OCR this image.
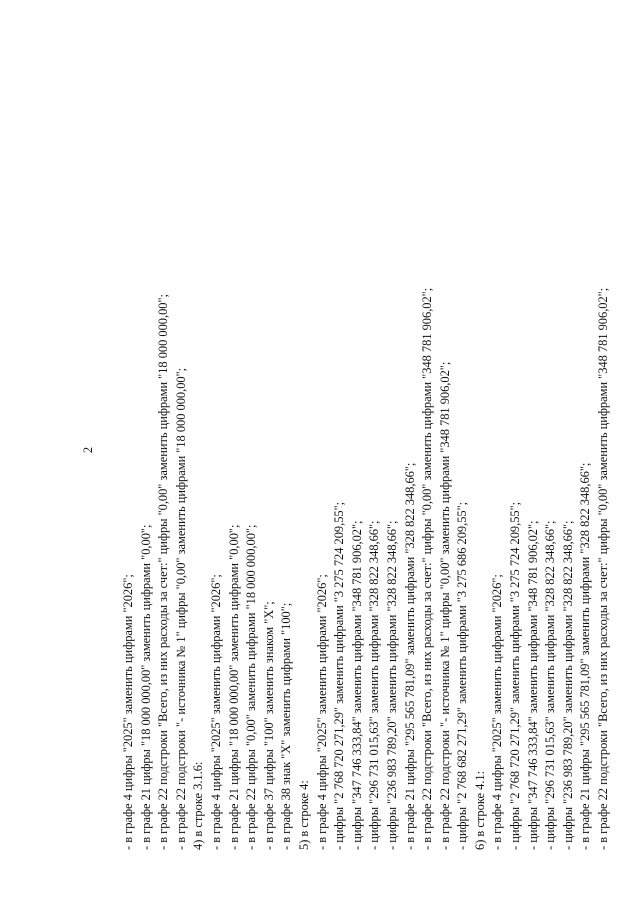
2
- в графе 4 цифры "2025" заменить цифрами "2026"; - в графе 21 цифры "18 000 000,00" заменить цифрами "0,00"; - в графе 22 подстроки "Всего, из них расходы за счет:" цифры "0,00" заменить цифрами "18 000 000,00"; - в графе 22 подстроки "- источника № 1" цифры "0,00" заменить цифрами "18 000 000,00"; 4) в строке 3.1.6: - в графе 4 цифры "2025" заменить цифрами "2026"; - в графе 21 цифры "18 000 000,00" заменить цифрами "0,00"; - в графе 22 цифры "0,00" заменить цифрами "18 000 000,00"; - в графе 37 цифры "100" заменить знаком "X"; - в графе 38 знак "X" заменить цифрами "100"; 5) в строке 4: - в графе 4 цифры "2025" заменить цифрами "2026"; - цифры "2 768 720 271,29" заменить цифрами "3 275 724 209,55"; - цифры "347 746 333,84" заменить цифрами "348 781 906,02"; - цифры "296 731 015,63" заменить цифрами "328 822 348,66"; - цифры "236 983 789,20" заменить цифрами "328 822 348,66"; - в графе 21 цифры "295 565 781,09" заменить цифрами "328 822 348,66"; - в графе 22 подстроки "Всего, из них расходы за счет:" цифры "0,00" заменить цифрами "348 781 906,02"; - в графе 22 подстроки "- источника № 1" цифры "0,00" заменить цифрами "348 781 906,02"; - цифры "2 768 682 271,29" заменить цифрами "3 275 686 209,55"; 6) в строке 4.1: - в графе 4 цифры "2025" заменить цифрами "2026"; - цифры "2 768 720 271,29" заменить цифрами "3 275 724 209,55"; - цифры "347 746 333,84" заменить цифрами "348 781 906,02"; - цифры "296 731 015,63" заменить цифрами "328 822 348,66"; - цифры "236 983 789,20" заменить цифрами "328 822 348,66"; - в графе 21 цифры "295 565 781,09" заменить цифрами "328 822 348,66"; - в графе 22 подстроки "Всего, из них расходы за счет:" цифры "0,00" заменить цифрами "348 781 906,02";
